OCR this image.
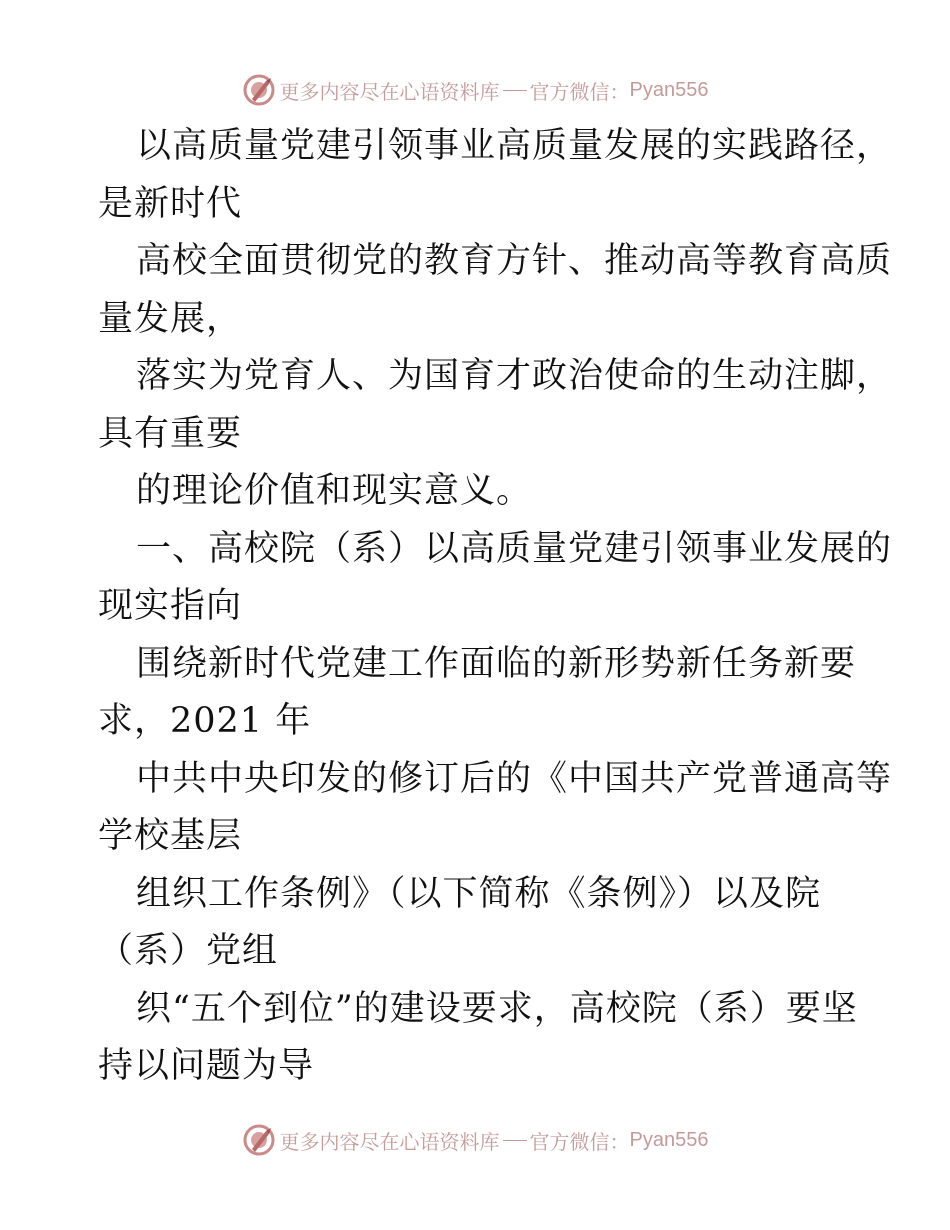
更多内容尽在心语资料库 官方微信： Pyan556
以高质量党建引领事业高质量发展的实践路径，
是新时代
高校全面贯彻党的教育方针、推动高等教育高质
量发展，
落实为党育人、为国育才政治使命的生动注脚，
具有重要
的理论价值和现实意义。
一、高校院（系）以高质量党建引领事业发展的
现实指向
围绕新时代党建工作面临的新形势新任务新要
求，2021 年
中共中央印发的修订后的《中国共产党普通高等
学校基层
组织工作条例》（以下简称《条例》）以及院
（系）党组
织“五个到位”的建设要求，高校院（系）要坚
持以问题为导
更多内容尽在心语资料库 官方微信： Pyan556
